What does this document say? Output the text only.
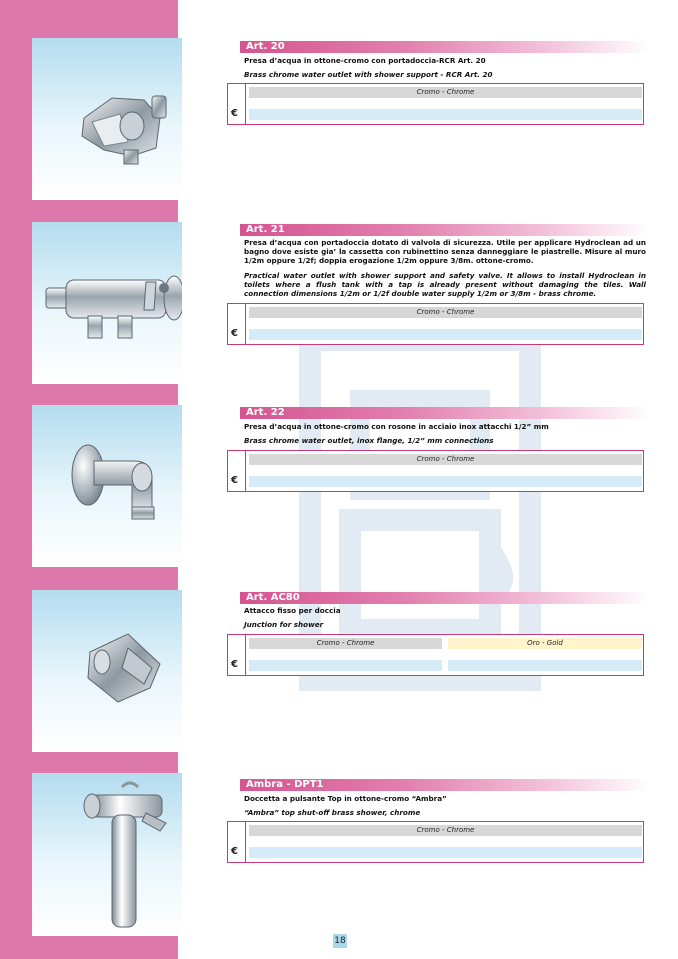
Art. 20
Presa d’acqua in ottone-cromo con portadoccia-RCR Art. 20
Brass chrome water outlet with shower support - RCR Art. 20
€
Cromo - Chrome
Art. 21
Presa d’acqua con portadoccia dotato di valvola di sicurezza. Utile per applicare Hydroclean ad un bagno dove esiste gia’ la cassetta con rubinettino senza danneggiare le piastrelle. Misure al muro 1/2m oppure 1/2f; doppia erogazione 1/2m oppure 3/8m. ottone-cromo.
Practical water outlet with shower support and safety valve. It allows to install Hydroclean in toilets where a flush tank with a tap is already present without damaging the tiles. Wall connection dimensions 1/2m or 1/2f double water supply 1/2m or 3/8m - brass chrome.
€
Cromo - Chrome
Art. 22
Presa d’acqua in ottone-cromo con rosone in acciaio inox attacchi 1/2” mm
Brass chrome water outlet, inox flange, 1/2” mm connections
€
Cromo - Chrome
Art. AC80
Attacco fisso per doccia
Junction for shower
€
Cromo - Chrome	Oro - Gold
Ambra - DPT1
Doccetta a pulsante Top in ottone-cromo “Ambra”
“Ambra” top shut-off brass shower, chrome
€
Cromo - Chrome
18
